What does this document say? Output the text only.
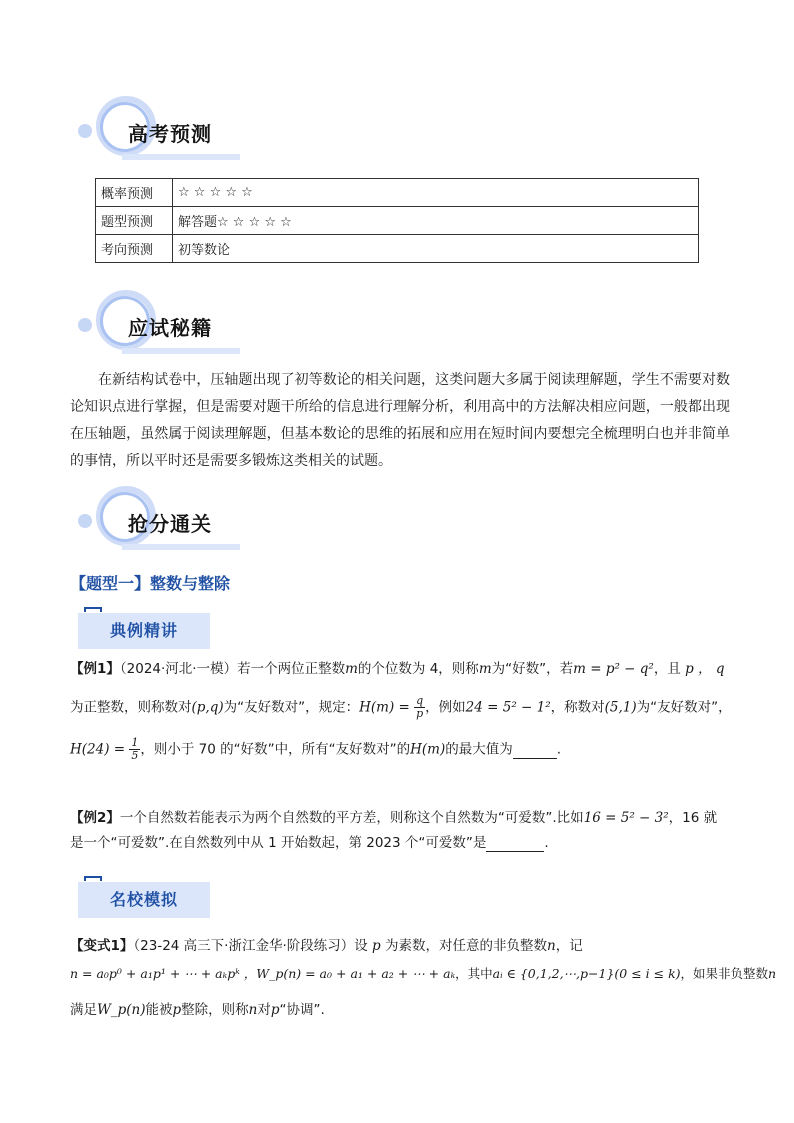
高考预测
概率预测	☆ ☆ ☆ ☆ ☆
题型预测	解答题☆ ☆ ☆ ☆ ☆
考向预测	初等数论
应试秘籍
在新结构试卷中，压轴题出现了初等数论的相关问题，这类问题大多属于阅读理解题，学生不需要对数论知识点进行掌握，但是需要对题干所给的信息进行理解分析，利用高中的方法解决相应问题，一般都出现在压轴题，虽然属于阅读理解题，但基本数论的思维的拓展和应用在短时间内要想完全梳理明白也并非简单的事情，所以平时还是需要多锻炼这类相关的试题。
抢分通关
【题型一】整数与整除
典例精讲
【例1】（2024·河北·一模）若一个两位正整数m的个位数为 4，则称m为“好数”，若m = p² − q²，且 p ， q
为正整数，则称数对(p,q)为“友好数对”，规定：$H(m) = \frac{q}{p}$ ，例如24 = 5² − 1²，称数对(5,1)为“友好数对”，
$H(24) = \frac{1}{5}$ ，则小于 70 的“好数”中，所有“友好数对”的H(m)的最大值为	.
【例2】一个自然数若能表示为两个自然数的平方差，则称这个自然数为“可爱数”.比如16 = 5² − 3²，16 就
是一个“可爱数”.在自然数列中从 1 开始数起，第 2023 个“可爱数”是	.
名校模拟
【变式1】（23-24 高三下·浙江金华·阶段练习）设 p 为素数，对任意的非负整数n，记
n = a₀p⁰ + a₁p¹ + ⋯ + aₖpᵏ ，W_p(n) = a₀ + a₁ + a₂ + ⋯ + aₖ，其中aᵢ ∈ {0,1,2,⋯,p−1}(0 ≤ i ≤ k)，如果非负整数n
满足W_p(n)能被p整除，则称n对p“协调”.
